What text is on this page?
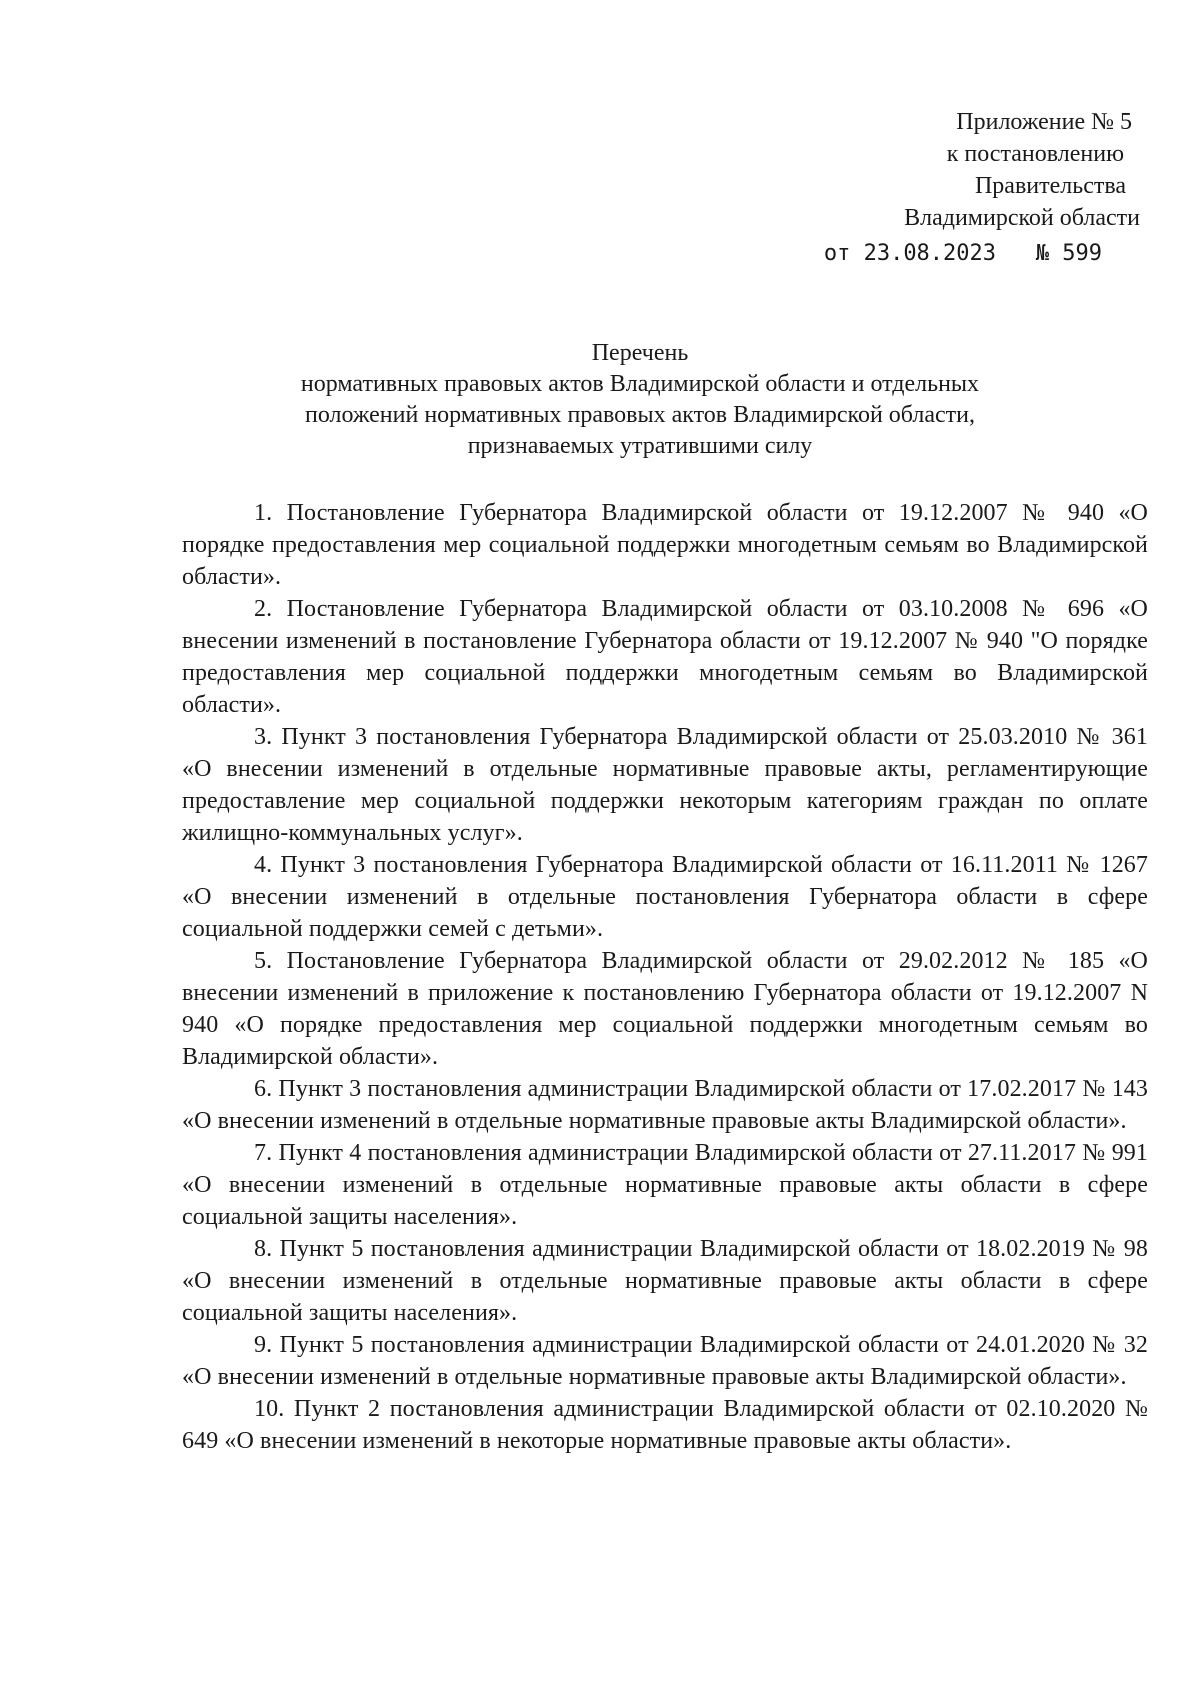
Приложение № 5
к постановлению
Правительства
Владимирской области
от 23.08.2023   № 599
Перечень
нормативных правовых актов Владимирской области и отдельных
положений нормативных правовых актов Владимирской области,
признаваемых утратившими силу

1. Постановление Губернатора Владимирской области от 19.12.2007 № 940 «О порядке предоставления мер социальной поддержки многодетным семьям во Владимирской области».

2. Постановление Губернатора Владимирской области от 03.10.2008 № 696 «О внесении изменений в постановление Губернатора области от 19.12.2007 № 940 "О порядке предоставления мер социальной поддержки многодетным семьям во Владимирской области».

3. Пункт 3 постановления Губернатора Владимирской области от 25.03.2010 № 361 «О внесении изменений в отдельные нормативные правовые акты, регламентирующие предоставление мер социальной поддержки некоторым категориям граждан по оплате жилищно-коммунальных услуг».

4. Пункт 3 постановления Губернатора Владимирской области от 16.11.2011 № 1267 «О внесении изменений в отдельные постановления Губернатора области в сфере социальной поддержки семей с детьми».

5. Постановление Губернатора Владимирской области от 29.02.2012 № 185 «О внесении изменений в приложение к постановлению Губернатора области от 19.12.2007 N 940 «О порядке предоставления мер социальной поддержки многодетным семьям во Владимирской области».

6. Пункт 3 постановления администрации Владимирской области от 17.02.2017 № 143 «О внесении изменений в отдельные нормативные правовые акты Владимирской области».

7. Пункт 4 постановления администрации Владимирской области от 27.11.2017 № 991 «О внесении изменений в отдельные нормативные правовые акты области в сфере социальной защиты населения».

8. Пункт 5 постановления администрации Владимирской области от 18.02.2019 № 98 «О внесении изменений в отдельные нормативные правовые акты области в сфере социальной защиты населения».

9. Пункт 5 постановления администрации Владимирской области от 24.01.2020 № 32 «О внесении изменений в отдельные нормативные правовые акты Владимирской области».

10. Пункт 2 постановления администрации Владимирской области от 02.10.2020 № 649 «О внесении изменений в некоторые нормативные правовые акты области».
